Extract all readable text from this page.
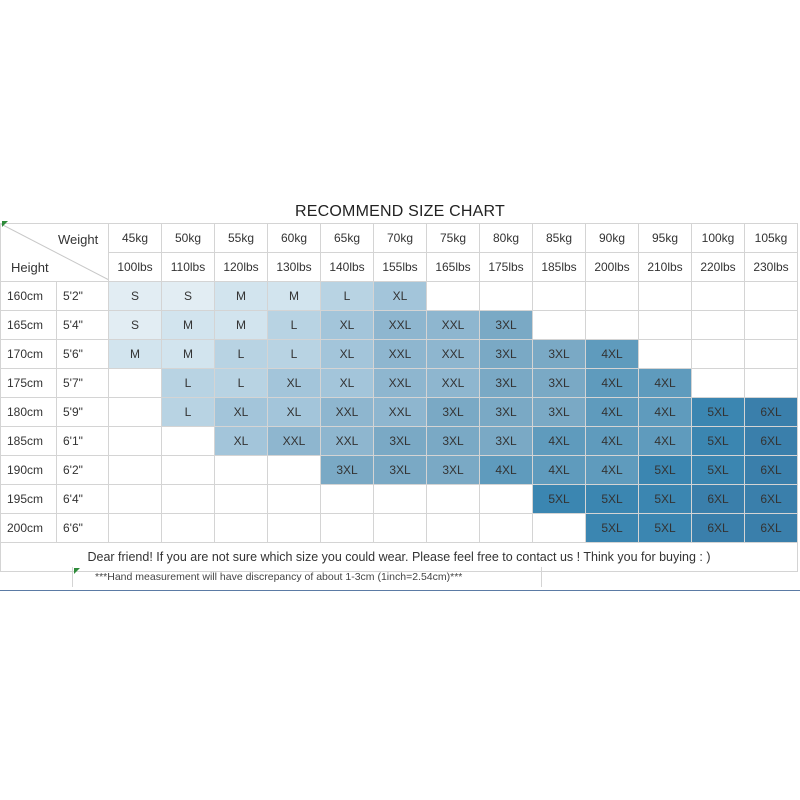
RECOMMEND SIZE CHART
Weight
Height		45kg	50kg	55kg	60kg	65kg	70kg	75kg	80kg	85kg	90kg	95kg	100kg	105kg
		100lbs	110lbs	120lbs	130lbs	140lbs	155lbs	165lbs	175lbs	185lbs	200lbs	210lbs	220lbs	230lbs
160cm	5'2"	S	S	M	M	L	XL							
165cm	5'4"	S	M	M	L	XL	XXL	XXL	3XL					
170cm	5'6"	M	M	L	L	XL	XXL	XXL	3XL	3XL	4XL			
175cm	5'7"		L	L	XL	XL	XXL	XXL	3XL	3XL	4XL	4XL		
180cm	5'9"		L	XL	XL	XXL	XXL	3XL	3XL	3XL	4XL	4XL	5XL	6XL
185cm	6'1"			XL	XXL	XXL	3XL	3XL	3XL	4XL	4XL	4XL	5XL	6XL
190cm	6'2"					3XL	3XL	3XL	4XL	4XL	4XL	5XL	5XL	6XL
195cm	6'4"									5XL	5XL	5XL	6XL	6XL
200cm	6'6"										5XL	5XL	6XL	6XL
Dear friend! If you are not sure which size you could wear. Please feel free to contact us ! Think you for buying : )														
***Hand measurement will have discrepancy of about 1-3cm (1inch=2.54cm)***
